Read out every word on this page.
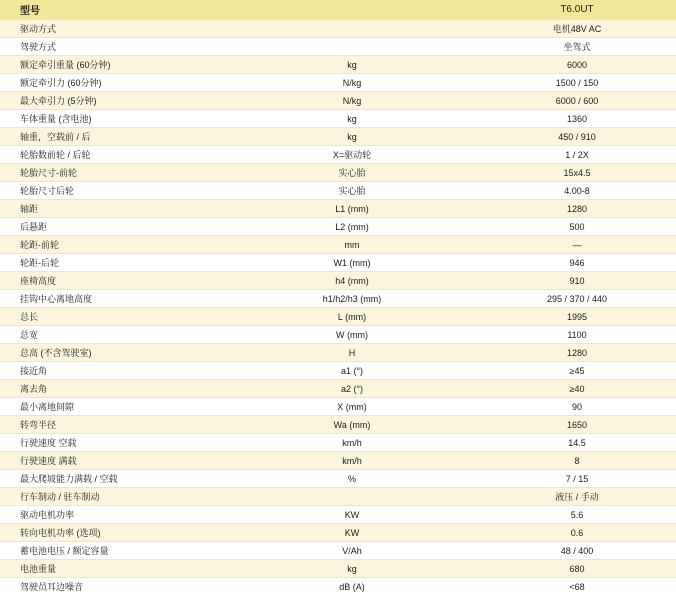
型号		T6.0UT
驱动方式		电机48V AC
驾驶方式		坐驾式
额定牵引重量 (60分钟)	kg	6000
额定牵引力 (60分钟)	N/kg	1500 / 150
最大牵引力 (5分钟)	N/kg	6000 / 600
车体重量 (含电池)	kg	1360
轴重，空载前 / 后	kg	450 / 910
轮胎数前轮 / 后轮	X=驱动轮	1 / 2X
轮胎尺寸-前轮	实心胎	15x4.5
轮胎尺寸后轮	实心胎	4.00-8
轴距	L1 (mm)	1280
后悬距	L2 (mm)	500
轮距-前轮	mm	—
轮距-后轮	W1 (mm)	946
座椅高度	h4 (mm)	910
挂钩中心离地高度	h1/h2/h3 (mm)	295 / 370 / 440
总长	L (mm)	1995
总宽	W (mm)	1100
总高 (不含驾驶室)	H	1280
接近角	a1 (°)	≥45
离去角	a2 (°)	≥40
最小离地间隙	X (mm)	90
转弯半径	Wa (mm)	1650
行驶速度 空载	km/h	14.5
行驶速度 满载	km/h	8
最大爬坡能力满载 / 空载	%	7 / 15
行车制动 / 驻车制动		液压 / 手动
驱动电机功率	KW	5.6
转向电机功率 (选项)	KW	0.6
蓄电池电压 / 额定容量	V/Ah	48 / 400
电池重量	kg	680
驾驶员耳边噪音	dB (A)	<68
